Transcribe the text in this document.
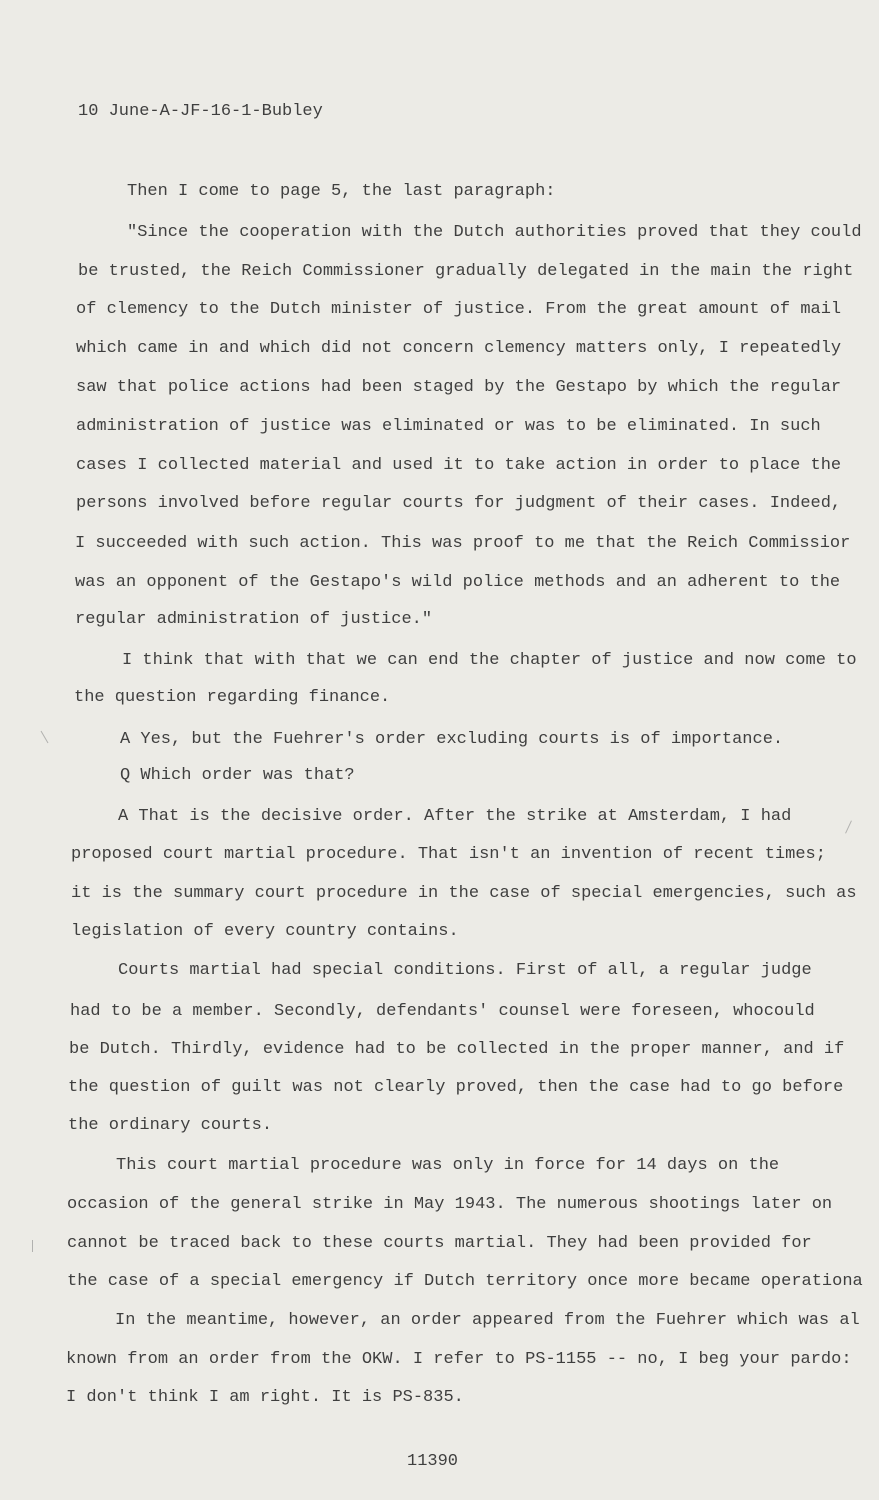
10 June-A-JF-16-1-Bubley
Then I come to page 5, the last paragraph:
"Since the cooperation with the Dutch authorities proved that they could
be trusted, the Reich Commissioner gradually delegated in the main the right
of clemency to the Dutch minister of justice. From the great amount of mail
which came in and which did not concern clemency matters only, I repeatedly
saw that police actions had been staged by the Gestapo by which the regular
administration of justice was eliminated or was to be eliminated. In such
cases I collected material and used it to take action in order to place the
persons involved before regular courts for judgment of their cases. Indeed,
I succeeded with such action. This was proof to me that the Reich Commissior
was an opponent of the Gestapo's wild police methods and an adherent to the
regular administration of justice."
I think that with that we can end the chapter of justice and now come to
the question regarding finance.
A Yes, but the Fuehrer's order excluding courts is of importance.
Q Which order was that?
A That is the decisive order. After the strike at Amsterdam, I had
proposed court martial procedure. That isn't an invention of recent times;
it is the summary court procedure in the case of special emergencies, such as
legislation of every country contains.
Courts martial had special conditions. First of all, a regular judge
had to be a member. Secondly, defendants' counsel were foreseen, whocould
be Dutch. Thirdly, evidence had to be collected in the proper manner, and if
the question of guilt was not clearly proved, then the case had to go before
the ordinary courts.
This court martial procedure was only in force for 14 days on the
occasion of the general strike in May 1943. The numerous shootings later on
cannot be traced back to these courts martial. They had been provided for
the case of a special emergency if Dutch territory once more became operationa
In the meantime, however, an order appeared from the Fuehrer which was al
known from an order from the OKW. I refer to PS-1155 -- no, I beg your pardo:
I don't think I am right. It is PS-835.
11390
